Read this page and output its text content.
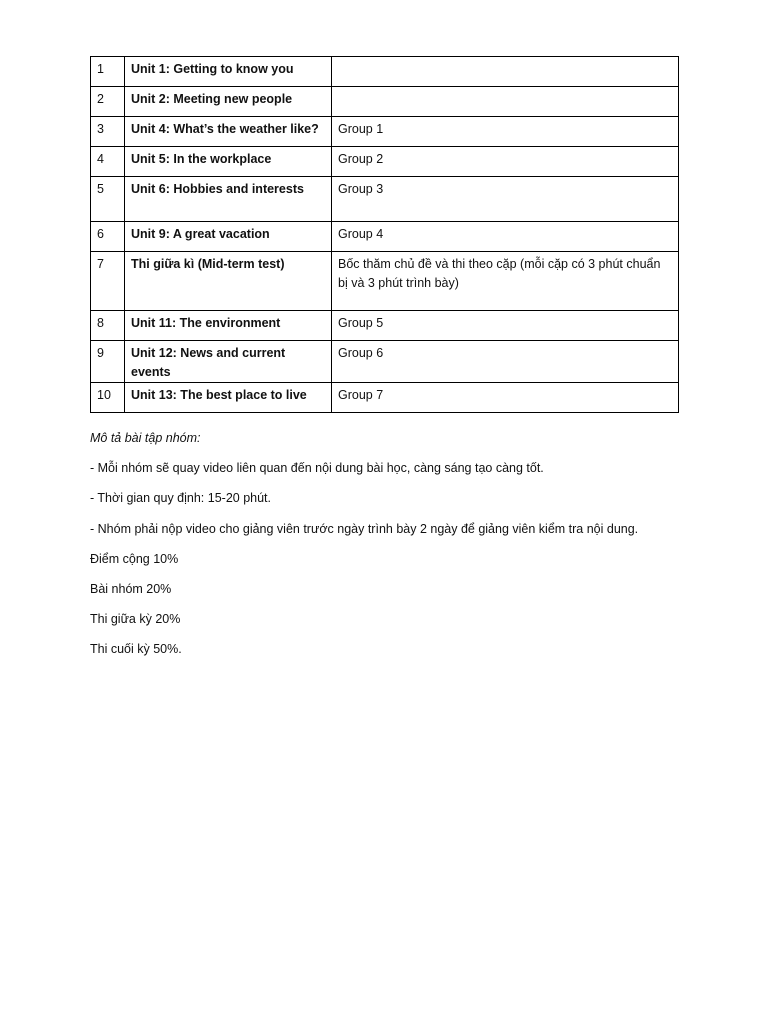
1	Unit 1: Getting to know you	
2	Unit 2: Meeting new people	
3	Unit 4: What’s the weather like?	Group 1
4	Unit 5: In the workplace	Group 2
5	Unit 6: Hobbies and interests	Group 3
6	Unit 9: A great vacation	Group 4
7	Thi giữa kì (Mid-term test)	Bốc thăm chủ đề và thi theo cặp (mỗi cặp có 3 phút chuẩn bị và 3 phút trình bày)
8	Unit 11: The environment	Group 5
9	Unit 12: News and current events	Group 6
10	Unit 13: The best place to live	Group 7

Mô tả bài tập nhóm:

- Mỗi nhóm sẽ quay video liên quan đến nội dung bài học, càng sáng tạo càng tốt.

- Thời gian quy định: 15-20 phút.

- Nhóm phải nộp video cho giảng viên trước ngày trình bày 2 ngày để giảng viên kiểm tra nội dung.

Điểm cộng 10%

Bài nhóm 20%

Thi giữa kỳ 20%

Thi cuối kỳ 50%.
